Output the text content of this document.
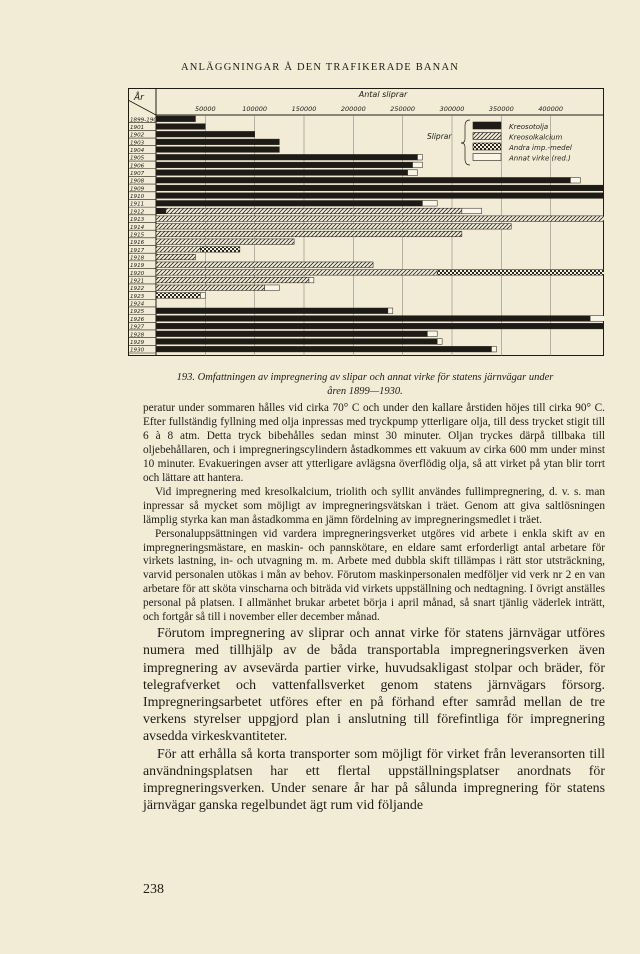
ANLÄGGNINGAR Å DEN TRAFIKERADE BANAN
År
1899-1900
1901
1902
1903
1904
1905
1906
1907
1908
1909
1910
1911
1912
1913
1914
1915
1916
1917
1918
1919
1920
1921
1922
1923
1924
1925
1926
1927
1928
1929
1930
50000	100000	150000	200000	250000	300000	350000	400000
Antal sliprar
Sliprar
Kreosotolja
Kreosolkalcium
Andra imp.-medel
Annat virke (red.)
193. Omfattningen av impregnering av slipar och annat virke för statens järnvägar under
åren 1899—1930.

peratur under sommaren hålles vid cirka 70° C och under den kallare årstiden höjes till cirka 90° C. Efter fullständig fyllning med olja inpressas med tryckpump ytterligare olja, till dess trycket stigit till 6 à 8 atm. Detta tryck bibehålles sedan minst 30 minuter. Oljan tryckes därpå tillbaka till oljebehållaren, och i impregneringscylindern åstadkommes ett vakuum av cirka 600 mm under minst 10 minuter. Evakueringen avser att ytterligare avlägsna överflödig olja, så att virket på ytan blir torrt och lättare att hantera.

Vid impregnering med kresolkalcium, triolith och syllit användes fullimpregnering, d. v. s. man inpressar så mycket som möjligt av impregneringsvätskan i träet. Genom att giva saltlösningen lämplig styrka kan man åstadkomma en jämn fördelning av impregneringsmedlet i träet.

Personaluppsättningen vid vardera impregneringsverket utgöres vid arbete i enkla skift av en impregneringsmästare, en maskin- och pannskötare, en eldare samt erforderligt antal arbetare för virkets lastning, in- och utvagning m. m. Arbete med dubbla skift tillämpas i rätt stor utsträckning, varvid personalen utökas i mån av behov. Förutom maskinpersonalen medföljer vid verk nr 2 en van arbetare för att sköta vinscharna och biträda vid virkets uppställning och nedtagning. I övrigt anställes personal på platsen. I allmänhet brukar arbetet börja i april månad, så snart tjänlig väderlek inträtt, och fortgår så till i november eller december månad.

Förutom impregnering av sliprar och annat virke för statens järnvägar utföres numera med tillhjälp av de båda transportabla impregneringsverken även impregnering av avsevärda partier virke, huvudsakligast stolpar och bräder, för telegrafverket och vattenfallsverket genom statens järnvägars försorg. Impregneringsarbetet utföres efter en på förhand efter samråd mellan de tre verkens styrelser uppgjord plan i anslutning till förefintliga för impregnering avsedda virkeskvantiteter.

För att erhålla så korta transporter som möjligt för virket från leveransorten till användningsplatsen har ett flertal uppställningsplatser anordnats för impregneringsverken. Under senare år har på sålunda impregnering för statens järnvägar ganska regelbundet ägt rum vid följande

238
